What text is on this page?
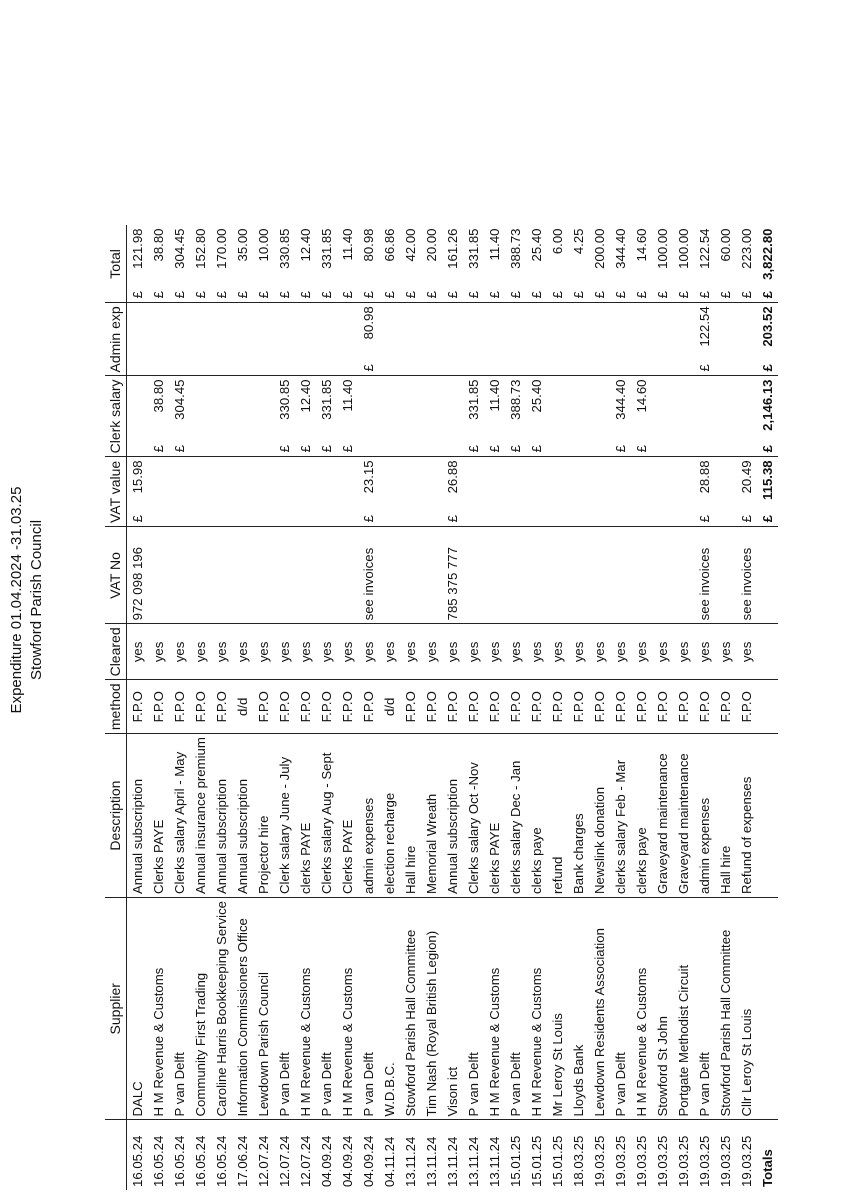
Stowford Parish Council
Expenditure 01.04.2024 -31.03.25
	Supplier	Description	method	Cleared	VAT No	VAT value		Clerk salary		Admin exp		Total	
16.05.24	DALC	Annual subscription	F.P.O	yes	972 098 196	£	15.98					£	121.98
16.05.24	H M Revenue & Customs	Clerks PAYE	F.P.O	yes				£	38.80			£	38.80
16.05.24	P van Delft	Clerks salary April - May	F.P.O	yes				£	304.45			£	304.45
16.05.24	Community First Trading	Annual insurance premium	F.P.O	yes								£	152.80
16.05.24	Caroline Harris Bookkeeping Service	Annual subscription	F.P.O	yes								£	170.00
17.06.24	Information Commissioners Office	Annual subscription	d/d	yes								£	35.00
12.07.24	Lewdown Parish Council	Projector hire	F.P.O	yes								£	10.00
12.07.24	P van Delft	Clerk salary June - July	F.P.O	yes				£	330.85			£	330.85
12.07.24	H M Revenue & Customs	clerks PAYE	F.P.O	yes				£	12.40			£	12.40
04.09.24	P van Delft	Clerks salary Aug - Sept	F.P.O	yes				£	331.85			£	331.85
04.09.24	H M Revenue & Customs	Clerks PAYE	F.P.O	yes				£	11.40			£	11.40
04.09.24	P van Delft	admin expenses	F.P.O	yes	see invoices	£	23.15			£	80.98	£	80.98
04.11.24	W.D.B.C.	election recharge	d/d	yes								£	66.86
13.11.24	Stowford Parish Hall Committee	Hall hire	F.P.O	yes								£	42.00
13.11.24	Tim Nash (Royal British Legion)	Memorial Wreath	F.P.O	yes								£	20.00
13.11.24	Vison ict	Annual subscription	F.P.O	yes	785 375 777	£	26.88					£	161.26
13.11.24	P van Delft	Clerks salary Oct -Nov	F.P.O	yes				£	331.85			£	331.85
13.11.24	H M Revenue & Customs	clerks PAYE	F.P.O	yes				£	11.40			£	11.40
15.01.25	P van Delft	clerks salary Dec - Jan	F.P.O	yes				£	388.73			£	388.73
15.01.25	H M Revenue & Customs	clerks paye	F.P.O	yes				£	25.40			£	25.40
15.01.25	Mr Leroy St Louis	refund	F.P.O	yes								£	6.00
18.03.25	Lloyds Bank	Bank charges	F.P.O	yes								£	4.25
19.03.25	Lewdown Residents Association	Newslink donation	F.P.O	yes								£	200.00
19.03.25	P van Delft	clerks salary Feb - Mar	F.P.O	yes				£	344.40			£	344.40
19.03.25	H M Revenue & Customs	clerks paye	F.P.O	yes				£	14.60			£	14.60
19.03.25	Stowford St John	Graveyard maintenance	F.P.O	yes								£	100.00
19.03.25	Portgate Methodist Circuit	Graveyard maintenance	F.P.O	yes								£	100.00
19.03.25	P van Delft	admin expenses	F.P.O	yes	see invoices	£	28.88			£	122.54	£	122.54
19.03.25	Stowford Parish Hall Committee	Hall hire	F.P.O	yes								£	60.00
19.03.25	Cllr Leroy St Louis	Refund of expenses	F.P.O	yes	see invoices	£	20.49					£	223.00
Totals						£	115.38	£	2,146.13	£	203.52	£	3,822.80
